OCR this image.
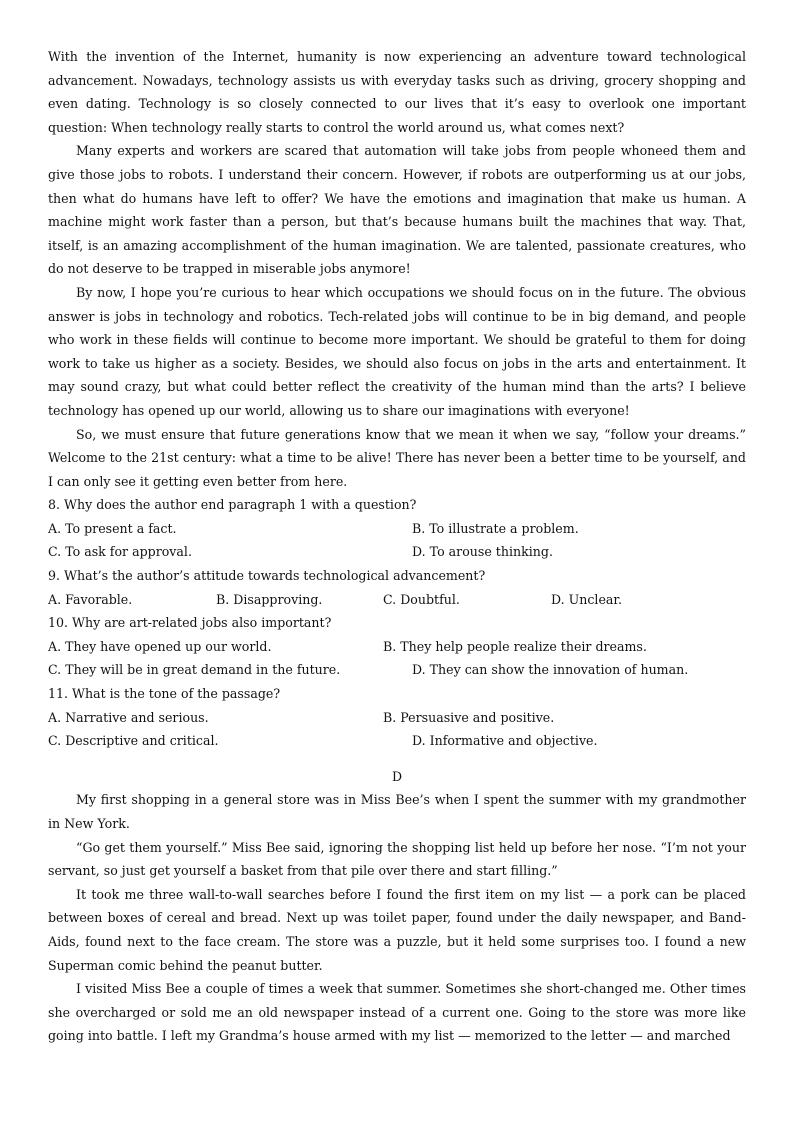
With the invention of the Internet, humanity is now experiencing an adventure toward technological advancement. Nowadays, technology assists us with everyday tasks such as driving, grocery shopping and even dating. Technology is so closely connected to our lives that it’s easy to overlook one important question: When technology really starts to control the world around us, what comes next?

Many experts and workers are scared that automation will take jobs from people whoneed them and give those jobs to robots. I understand their concern. However, if robots are outperforming us at our jobs, then what do humans have left to offer? We have the emotions and imagination that make us human. A machine might work faster than a person, but that’s because humans built the machines that way. That, itself, is an amazing accomplishment of the human imagination. We are talented, passionate creatures, who do not deserve to be trapped in miserable jobs anymore!

By now, I hope you’re curious to hear which occupations we should focus on in the future. The obvious answer is jobs in technology and robotics. Tech-related jobs will continue to be in big demand, and people who work in these fields will continue to become more important. We should be grateful to them for doing work to take us higher as a society. Besides, we should also focus on jobs in the arts and entertainment. It may sound crazy, but what could better reflect the creativity of the human mind than the arts? I believe technology has opened up our world, allowing us to share our imaginations with everyone!

So, we must ensure that future generations know that we mean it when we say, “follow your dreams.” Welcome to the 21st century: what a time to be alive! There has never been a better time to be yourself, and I can only see it getting even better from here.

8. Why does the author end paragraph 1 with a question?

A. To present a fact.	B. To illustrate a problem.
C. To ask for approval.	D. To arouse thinking.

9. What’s the author’s attitude towards technological advancement?

A. Favorable.	B. Disapproving.	C. Doubtful.	D. Unclear.

10. Why are art-related jobs also important?

A. They have opened up our world.	B. They help people realize their dreams.
C. They will be in great demand in the future.	D. They can show the innovation of human.

11. What is the tone of the passage?

A. Narrative and serious.	B. Persuasive and positive.
C. Descriptive and critical.	D. Informative and objective.

D

My first shopping in a general store was in Miss Bee’s when I spent the summer with my grandmother in New York.

“Go get them yourself.” Miss Bee said, ignoring the shopping list held up before her nose. “I’m not your servant, so just get yourself a basket from that pile over there and start filling.”

It took me three wall-to-wall searches before I found the first item on my list — a pork can be placed between boxes of cereal and bread. Next up was toilet paper, found under the daily newspaper, and Band-Aids, found next to the face cream. The store was a puzzle, but it held some surprises too. I found a new Superman comic behind the peanut butter.

I visited Miss Bee a couple of times a week that summer. Sometimes she short-changed me. Other times she overcharged or sold me an old newspaper instead of a current one. Going to the store was more like going into battle. I left my Grandma’s house armed with my list — memorized to the letter — and marched
